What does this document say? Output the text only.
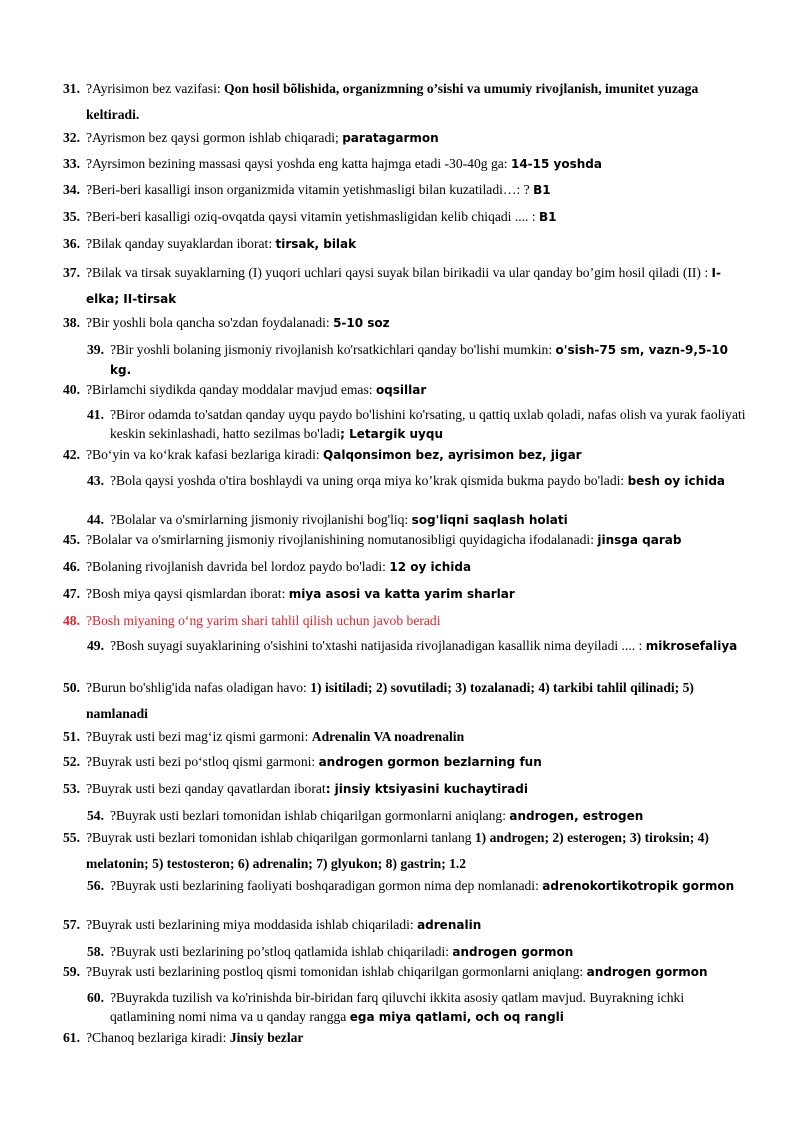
31. ?Ayrisimon bez vazifasi: Qon hosil bõlishida, organizmning o’sishi va umumiy rivojlanish, imunitet yuzaga keltiradi.
32. ?Ayrismon bez qaysi gormon ishlab chiqaradi; paratagarmon
33. ?Ayrsimon bezining massasi qaysi yoshda eng katta hajmga etadi -30-40g ga: 14-15 yoshda
34. ?Beri-beri kasalligi inson organizmida vitamin yetishmasligi bilan kuzatiladi…: ? B1
35. ?Beri-beri kasalligi oziq-ovqatda qaysi vitamin yetishmasligidan kelib chiqadi .... : B1
36. ?Bilak qanday suyaklardan iborat: tirsak, bilak
37. ?Bilak va tirsak suyaklarning (I) yuqori uchlari qaysi suyak bilan birikadii va ular qanday bo’gim hosil qiladi (II) : I-elka; II-tirsak
38. ?Bir yoshli bola qancha so'zdan foydalanadi: 5-10 soz
39. ?Bir yoshli bolaning jismoniy rivojlanish ko'rsatkichlari qanday bo'lishi mumkin: o'sish-75 sm, vazn-9,5-10 kg.
40. ?Birlamchi siydikda qanday moddalar mavjud emas: oqsillar
41. ?Biror odamda to'satdan qanday uyqu paydo bo'lishini ko'rsating, u qattiq uxlab qoladi, nafas olish va yurak faoliyati keskin sekinlashadi, hatto sezilmas bo'ladi; Letargik uyqu
42. ?Bo‘yin va ko‘krak kafasi bezlariga kiradi: Qalqonsimon bez, ayrisimon bez, jigar
43. ?Bola qaysi yoshda o'tira boshlaydi va uning orqa miya ko’krak qismida bukma paydo bo'ladi: besh oy ichida
44. ?Bolalar va o'smirlarning jismoniy rivojlanishi bog'liq: sog'liqni saqlash holati
45. ?Bolalar va o'smirlarning jismoniy rivojlanishining nomutanosibligi quyidagicha ifodalanadi: jinsga qarab
46. ?Bolaning rivojlanish davrida bel lordoz paydo bo'ladi: 12 oy ichida
47. ?Bosh miya qaysi qismlardan iborat: miya asosi va katta yarim sharlar
48. ?Bosh miyaning o‘ng yarim shari tahlil qilish uchun javob beradi
49. ?Bosh suyagi suyaklarining o'sishini to'xtashi natijasida rivojlanadigan kasallik nima deyiladi .... : mikrosefaliya
50. ?Burun bo'shlig'ida nafas oladigan havo: 1) isitiladi; 2) sovutiladi; 3) tozalanadi; 4) tarkibi tahlil qilinadi; 5) namlanadi
51. ?Buyrak usti bezi mag‘iz qismi garmoni: Adrenalin VA noadrenalin
52. ?Buyrak usti bezi po‘stloq qismi garmoni: androgen gormon bezlarning fun
53. ?Buyrak usti bezi qanday qavatlardan iborat: jinsiy ktsiyasini kuchaytiradi
54. ?Buyrak usti bezlari tomonidan ishlab chiqarilgan gormonlarni aniqlang: androgen, estrogen
55. ?Buyrak usti bezlari tomonidan ishlab chiqarilgan gormonlarni tanlang 1) androgen; 2) esterogen; 3) tiroksin; 4) melatonin; 5) testosteron; 6) adrenalin; 7) glyukon; 8) gastrin; 1.2
56. ?Buyrak usti bezlarining faoliyati boshqaradigan gormon nima dep nomlanadi: adrenokortikotropik gormon
57. ?Buyrak usti bezlarining miya moddasida ishlab chiqariladi: adrenalin
58. ?Buyrak usti bezlarining po’stloq qatlamida ishlab chiqariladi: androgen gormon
59. ?Buyrak usti bezlarining postloq qismi tomonidan ishlab chiqarilgan gormonlarni aniqlang: androgen gormon
60. ?Buyrakda tuzilish va ko'rinishda bir-biridan farq qiluvchi ikkita asosiy qatlam mavjud. Buyrakning ichki qatlamining nomi nima va u qanday rangga ega miya qatlami, och oq rangli
61. ?Chanoq bezlariga kiradi: Jinsiy bezlar
